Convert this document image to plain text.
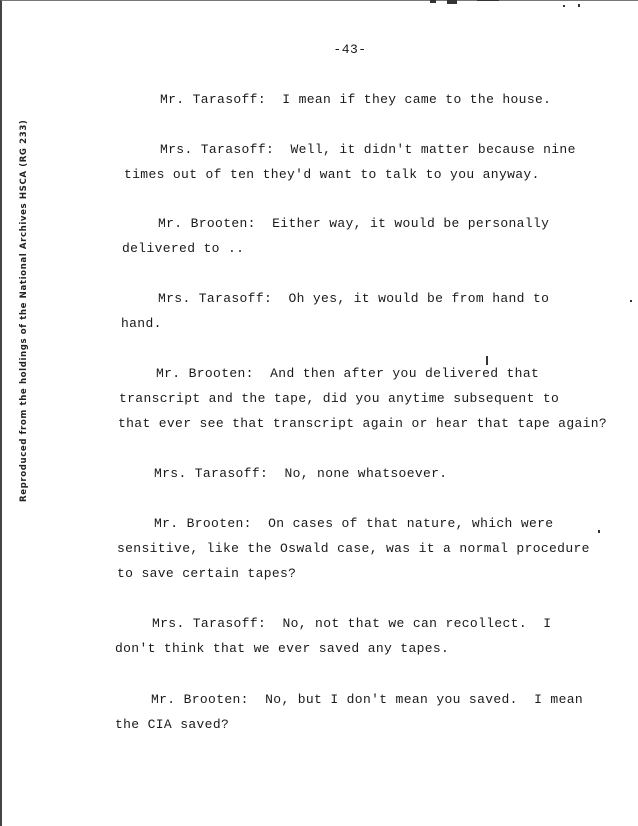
-43-
Reproduced from the holdings of the National Archives HSCA (RG 233)
Mr. Tarasoff: I mean if they came to the house.
Mrs. Tarasoff: Well, it didn't matter because nine
times out of ten they'd want to talk to you anyway.
Mr. Brooten: Either way, it would be personally
delivered to ..
Mrs. Tarasoff: Oh yes, it would be from hand to
hand.
Mr. Brooten: And then after you delivered that
transcript and the tape, did you anytime subsequent to
that ever see that transcript again or hear that tape again?
Mrs. Tarasoff: No, none whatsoever.
Mr. Brooten: On cases of that nature, which were
sensitive, like the Oswald case, was it a normal procedure
to save certain tapes?
Mrs. Tarasoff: No, not that we can recollect.  I
don't think that we ever saved any tapes.
Mr. Brooten: No, but I don't mean you saved.  I mean
the CIA saved?
